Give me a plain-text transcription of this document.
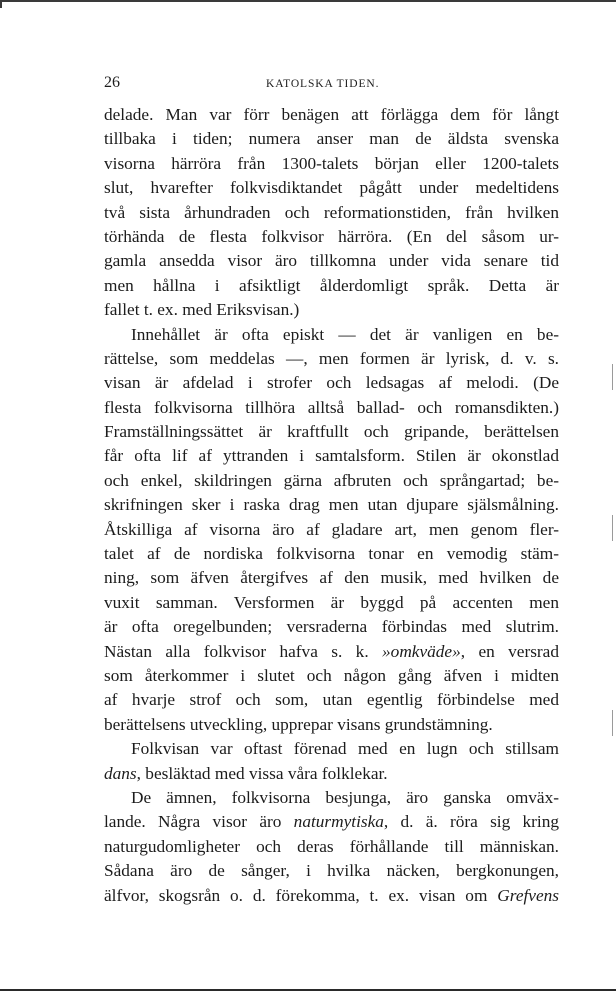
26	KATOLSKA TIDEN.
delade. Man var förr benägen att förlägga dem för långt
tillbaka i tiden; numera anser man de äldsta svenska
visorna härröra från 1300-talets början eller 1200-talets
slut, hvarefter folkvisdiktandet pågått under medeltidens
två sista århundraden och reformationstiden, från hvilken
törhända de flesta folkvisor härröra. (En del såsom ur-
gamla ansedda visor äro tillkomna under vida senare tid
men hållna i afsiktligt ålderdomligt språk. Detta är
fallet t. ex. med Eriksvisan.)
Innehållet är ofta episkt — det är vanligen en be-
rättelse, som meddelas —, men formen är lyrisk, d. v. s.
visan är afdelad i strofer och ledsagas af melodi. (De
flesta folkvisorna tillhöra alltså ballad- och romansdikten.)
Framställningssättet är kraftfullt och gripande, berättelsen
får ofta lif af yttranden i samtalsform. Stilen är okonstlad
och enkel, skildringen gärna afbruten och språngartad; be-
skrifningen sker i raska drag men utan djupare själsmålning.
Åtskilliga af visorna äro af gladare art, men genom fler-
talet af de nordiska folkvisorna tonar en vemodig stäm-
ning, som äfven återgifves af den musik, med hvilken de
vuxit samman. Versformen är byggd på accenten men
är ofta oregelbunden; versraderna förbindas med slutrim.
Nästan alla folkvisor hafva s. k. »omkväde», en versrad
som återkommer i slutet och någon gång äfven i midten
af hvarje strof och som, utan egentlig förbindelse med
berättelsens utveckling, upprepar visans grundstämning.
Folkvisan var oftast förenad med en lugn och stillsam
dans, besläktad med vissa våra folklekar.
De ämnen, folkvisorna besjunga, äro ganska omväx-
lande. Några visor äro naturmytiska, d. ä. röra sig kring
naturgudomligheter och deras förhållande till människan.
Sådana äro de sånger, i hvilka näcken, bergkonungen,
älfvor, skogsrån o. d. förekomma, t. ex. visan om Grefvens
